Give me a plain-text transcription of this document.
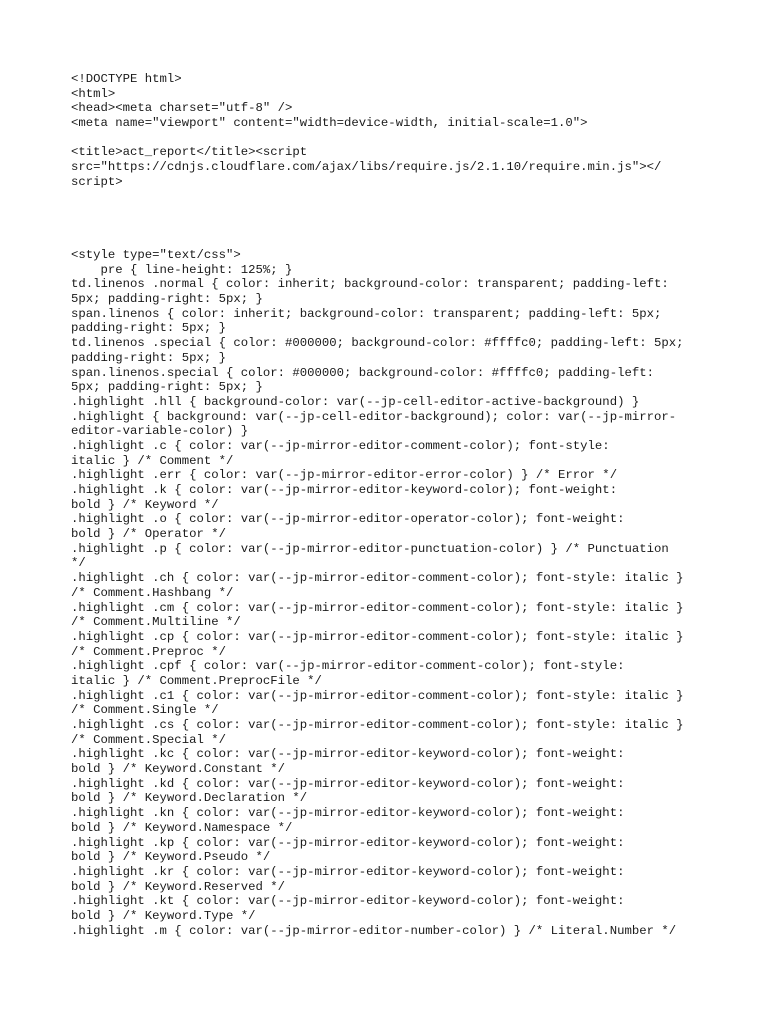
<!DOCTYPE html>
<html>
<head><meta charset="utf-8" />
<meta name="viewport" content="width=device-width, initial-scale=1.0">
<title>act_report</title><script
src="https://cdnjs.cloudflare.com/ajax/libs/require.js/2.1.10/require.min.js"></
script>
<style type="text/css">
pre { line-height: 125%; }
td.linenos .normal { color: inherit; background-color: transparent; padding-left:
5px; padding-right: 5px; }
span.linenos { color: inherit; background-color: transparent; padding-left: 5px;
padding-right: 5px; }
td.linenos .special { color: #000000; background-color: #ffffc0; padding-left: 5px;
padding-right: 5px; }
span.linenos.special { color: #000000; background-color: #ffffc0; padding-left:
5px; padding-right: 5px; }
.highlight .hll { background-color: var(--jp-cell-editor-active-background) }
.highlight { background: var(--jp-cell-editor-background); color: var(--jp-mirror-
editor-variable-color) }
.highlight .c { color: var(--jp-mirror-editor-comment-color); font-style:
italic } /* Comment */
.highlight .err { color: var(--jp-mirror-editor-error-color) } /* Error */
.highlight .k { color: var(--jp-mirror-editor-keyword-color); font-weight:
bold } /* Keyword */
.highlight .o { color: var(--jp-mirror-editor-operator-color); font-weight:
bold } /* Operator */
.highlight .p { color: var(--jp-mirror-editor-punctuation-color) } /* Punctuation
*/
.highlight .ch { color: var(--jp-mirror-editor-comment-color); font-style: italic }
/* Comment.Hashbang */
.highlight .cm { color: var(--jp-mirror-editor-comment-color); font-style: italic }
/* Comment.Multiline */
.highlight .cp { color: var(--jp-mirror-editor-comment-color); font-style: italic }
/* Comment.Preproc */
.highlight .cpf { color: var(--jp-mirror-editor-comment-color); font-style:
italic } /* Comment.PreprocFile */
.highlight .c1 { color: var(--jp-mirror-editor-comment-color); font-style: italic }
/* Comment.Single */
.highlight .cs { color: var(--jp-mirror-editor-comment-color); font-style: italic }
/* Comment.Special */
.highlight .kc { color: var(--jp-mirror-editor-keyword-color); font-weight:
bold } /* Keyword.Constant */
.highlight .kd { color: var(--jp-mirror-editor-keyword-color); font-weight:
bold } /* Keyword.Declaration */
.highlight .kn { color: var(--jp-mirror-editor-keyword-color); font-weight:
bold } /* Keyword.Namespace */
.highlight .kp { color: var(--jp-mirror-editor-keyword-color); font-weight:
bold } /* Keyword.Pseudo */
.highlight .kr { color: var(--jp-mirror-editor-keyword-color); font-weight:
bold } /* Keyword.Reserved */
.highlight .kt { color: var(--jp-mirror-editor-keyword-color); font-weight:
bold } /* Keyword.Type */
.highlight .m { color: var(--jp-mirror-editor-number-color) } /* Literal.Number */
